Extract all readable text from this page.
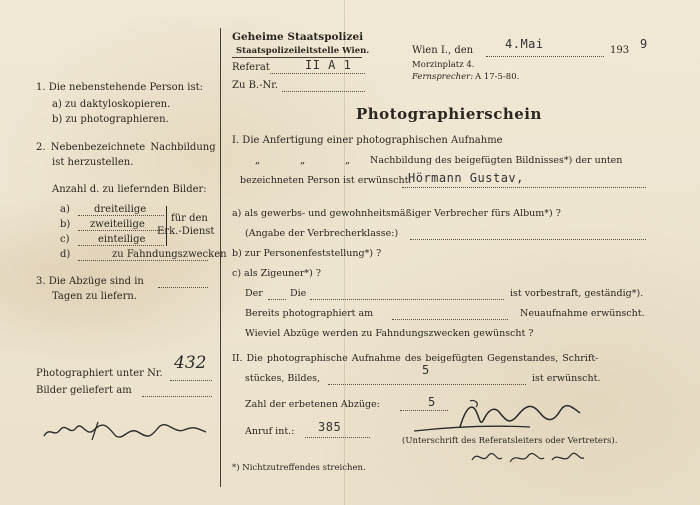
1. Die nebenstehende Person ist:
a) zu daktyloskopieren.
b) zu photographieren.
2. Nebenbezeichnete Nachbildung
ist herzustellen.
Anzahl d. zu liefernden Bilder:
a) dreiteilige
b) zweiteilige
c)	einteilige
d)	zu Fahndungszwecken
für den
Erk.-Dienst
3. Die Abzüge sind in
Tagen zu liefern.
Photographiert unter Nr.
432
Bilder geliefert am
Geheime Staatspolizei
Staatspolizeileitstelle Wien.
Referat	II A 1
Zu B.-Nr.
Wien I., den	4.Mai	193 9
Morzinplatz 4.
Fernsprecher: A 17-5-80.
Photographierschein
I. Die Anfertigung einer photographischen Aufnahme
„	„	„ Nachbildung des beigefügten Bildnisses*) der unten
bezeichneten Person ist erwünscht:
Hörmann Gustav,
a) als gewerbs- und gewohnheitsmäßiger Verbrecher fürs Album*) ?
(Angabe der Verbrecherklasse:)
b) zur Personenfeststellung*) ?
c) als Zigeuner*) ?
Der	Die	ist vorbestraft, geständig*).
Bereits photographiert am	Neuaufnahme erwünscht.
Wieviel Abzüge werden zu Fahndungszwecken gewünscht ?
II. Die photographische Aufnahme des beigefügten Gegenstandes, Schrift-
stückes, Bildes,
5
ist erwünscht.
Zahl der erbetenen Abzüge:	5
Anruf int.: 385
(Unterschrift des Referatsleiters oder Vertreters).
*) Nichtzutreffendes streichen.
